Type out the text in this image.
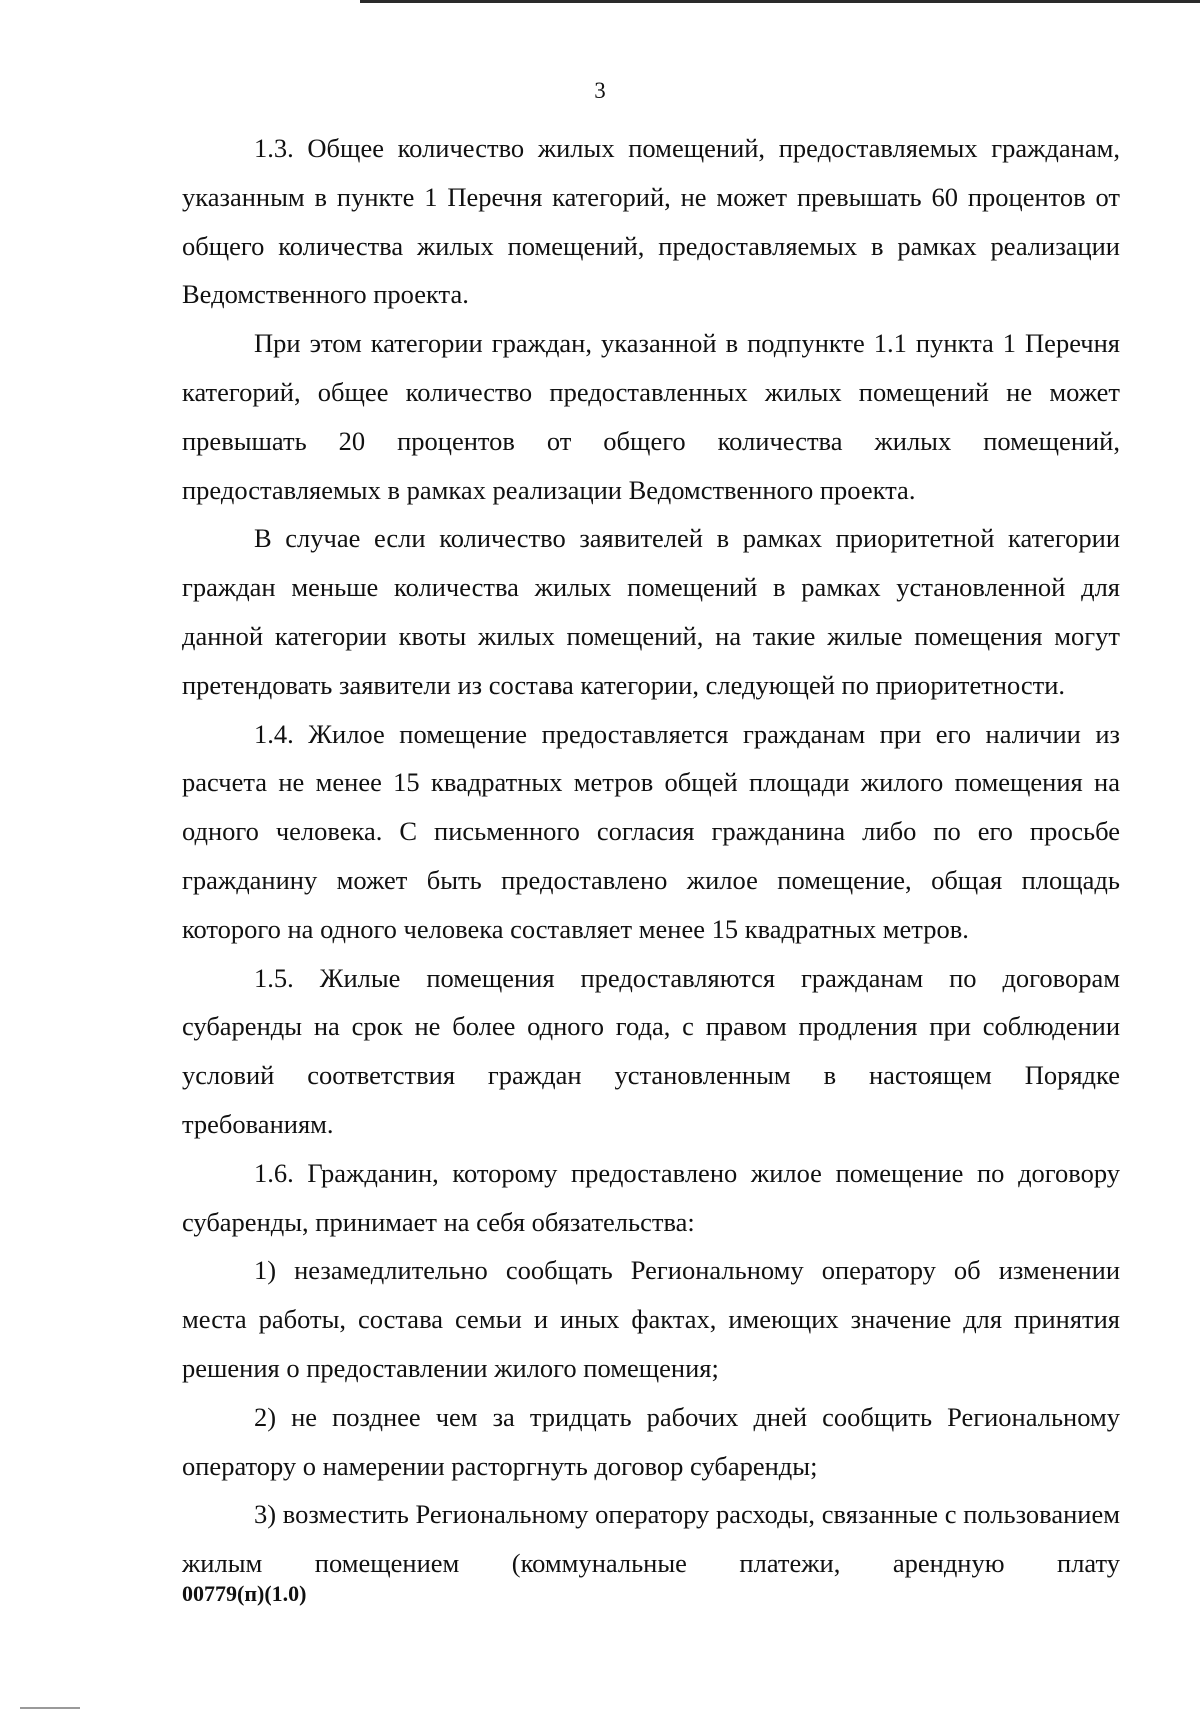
3

1.3. Общее количество жилых помещений, предоставляемых гражданам, указанным в пункте 1 Перечня категорий, не может превышать 60 процентов от общего количества жилых помещений, предоставляемых в рамках реализации Ведомственного проекта.

При этом категории граждан, указанной в подпункте 1.1 пункта 1 Перечня категорий, общее количество предоставленных жилых помещений не может превышать 20 процентов от общего количества жилых помещений, предоставляемых в рамках реализации Ведомственного проекта.

В случае если количество заявителей в рамках приоритетной категории граждан меньше количества жилых помещений в рамках установленной для данной категории квоты жилых помещений, на такие жилые помещения могут претендовать заявители из состава категории, следующей по приоритетности.

1.4. Жилое помещение предоставляется гражданам при его наличии из расчета не менее 15 квадратных метров общей площади жилого помещения на одного человека. С письменного согласия гражданина либо по его просьбе гражданину может быть предоставлено жилое помещение, общая площадь которого на одного человека составляет менее 15 квадратных метров.

1.5. Жилые помещения предоставляются гражданам по договорам субаренды на срок не более одного года, с правом продления при соблюдении условий соответствия граждан установленным в настоящем Порядке требованиям.

1.6. Гражданин, которому предоставлено жилое помещение по договору субаренды, принимает на себя обязательства:

1) незамедлительно сообщать Региональному оператору об изменении места работы, состава семьи и иных фактах, имеющих значение для принятия решения о предоставлении жилого помещения;

2) не позднее чем за тридцать рабочих дней сообщить Региональному оператору о намерении расторгнуть договор субаренды;

3) возместить Региональному оператору расходы, связанные с пользованием жилым помещением (коммунальные платежи, арендную плату

00779(п)(1.0)
